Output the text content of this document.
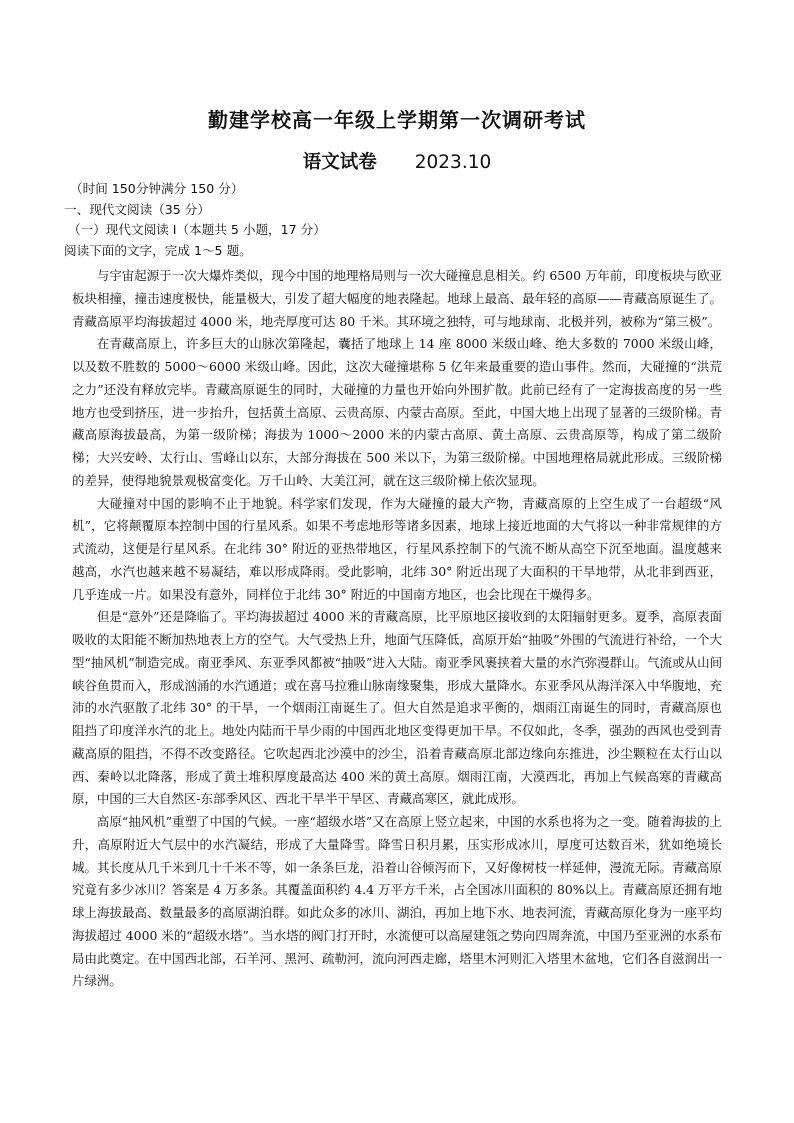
勤建学校高一年级上学期第一次调研考试
语文试卷 2023.10
（时间 150分钟满分 150 分）
一、现代文阅读（35 分）
（一）现代文阅读 I（本题共 5 小题，17 分）
阅读下面的文字，完成 1～5 题。

与宇宙起源于一次大爆炸类似，现今中国的地理格局则与一次大碰撞息息相关。约 6500 万年前，印度板块与欧亚板块相撞，撞击速度极快，能量极大，引发了超大幅度的地表隆起。地球上最高、最年轻的高原——青藏高原诞生了。青藏高原平均海拔超过 4000 米，地壳厚度可达 80 千米。其环境之独特，可与地球南、北极并列，被称为“第三极”。

在青藏高原上，许多巨大的山脉次第隆起，囊括了地球上 14 座 8000 米级山峰、绝大多数的 7000 米级山峰，以及数不胜数的 5000～6000 米级山峰。因此，这次大碰撞堪称 5 亿年来最重要的造山事件。然而，大碰撞的“洪荒之力”还没有释放完毕。青藏高原诞生的同时，大碰撞的力量也开始向外围扩散。此前已经有了一定海拔高度的另一些地方也受到挤压，进一步抬升，包括黄土高原、云贵高原、内蒙古高原。至此，中国大地上出现了显著的三级阶梯。青藏高原海拔最高，为第一级阶梯；海拔为 1000～2000 米的内蒙古高原、黄土高原、云贵高原等，构成了第二级阶梯；大兴安岭、太行山、雪峰山以东，大部分海拔在 500 米以下，为第三级阶梯。中国地理格局就此形成。三级阶梯的差异，使得地貌景观极富变化。万千山岭、大美江河，就在这三级阶梯上依次显现。

大碰撞对中国的影响不止于地貌。科学家们发现，作为大碰撞的最大产物，青藏高原的上空生成了一台超级“风机”，它将颠覆原本控制中国的行星风系。如果不考虑地形等诸多因素，地球上接近地面的大气将以一种非常规律的方式流动，这便是行星风系。在北纬 30° 附近的亚热带地区，行星风系控制下的气流不断从高空下沉至地面。温度越来越高，水汽也越来越不易凝结，难以形成降雨。受此影响，北纬 30° 附近出现了大面积的干旱地带，从北非到西亚，几乎连成一片。如果没有意外，同样位于北纬 30° 附近的中国南方地区，也会比现在干燥得多。

但是“意外”还是降临了。平均海拔超过 4000 米的青藏高原，比平原地区接收到的太阳辐射更多。夏季，高原表面吸收的太阳能不断加热地表上方的空气。大气受热上升，地面气压降低，高原开始“抽吸”外围的气流进行补给，一个大型“抽风机”制造完成。南亚季风、东亚季风都被“抽吸”进入大陆。南亚季风裹挟着大量的水汽弥漫群山。气流或从山间峡谷鱼贯而入，形成汹涌的水汽通道；或在喜马拉雅山脉南缘聚集，形成大量降水。东亚季风从海洋深入中华腹地，充沛的水汽驱散了北纬 30° 的干旱，一个烟雨江南诞生了。但大自然是追求平衡的，烟雨江南诞生的同时，青藏高原也阻挡了印度洋水汽的北上。地处内陆而干旱少雨的中国西北地区变得更加干旱。不仅如此，冬季，强劲的西风也受到青藏高原的阻挡，不得不改变路径。它吹起西北沙漠中的沙尘，沿着青藏高原北部边缘向东推进，沙尘颗粒在太行山以西、秦岭以北降落，形成了黄土堆积厚度最高达 400 米的黄土高原。烟雨江南，大漠西北，再加上气候高寒的青藏高原，中国的三大自然区-东部季风区、西北干旱半干旱区、青藏高寒区，就此成形。

高原“抽风机”重塑了中国的气候。一座“超级水塔”又在高原上竖立起来，中国的水系也将为之一变。随着海拔的上升，高原附近大气层中的水汽凝结，形成了大量降雪。降雪日积月累，压实形成冰川，厚度可达数百米，犹如绝境长城。其长度从几千米到几十千米不等，如一条条巨龙，沿着山谷倾泻而下，又好像树枝一样延伸，漫流无际。青藏高原究竟有多少冰川？答案是 4 万多条。其覆盖面积约 4.4 万平方千米，占全国冰川面积的 80%以上。青藏高原还拥有地球上海拔最高、数量最多的高原湖泊群。如此众多的冰川、湖泊，再加上地下水、地表河流，青藏高原化身为一座平均海拔超过 4000 米的“超级水塔”。当水塔的阀门打开时，水流便可以高屋建瓴之势向四周奔流，中国乃至亚洲的水系布局由此奠定。在中国西北部，石羊河、黑河、疏勒河，流向河西走廊，塔里木河则汇入塔里木盆地，它们各自滋润出一片绿洲。
